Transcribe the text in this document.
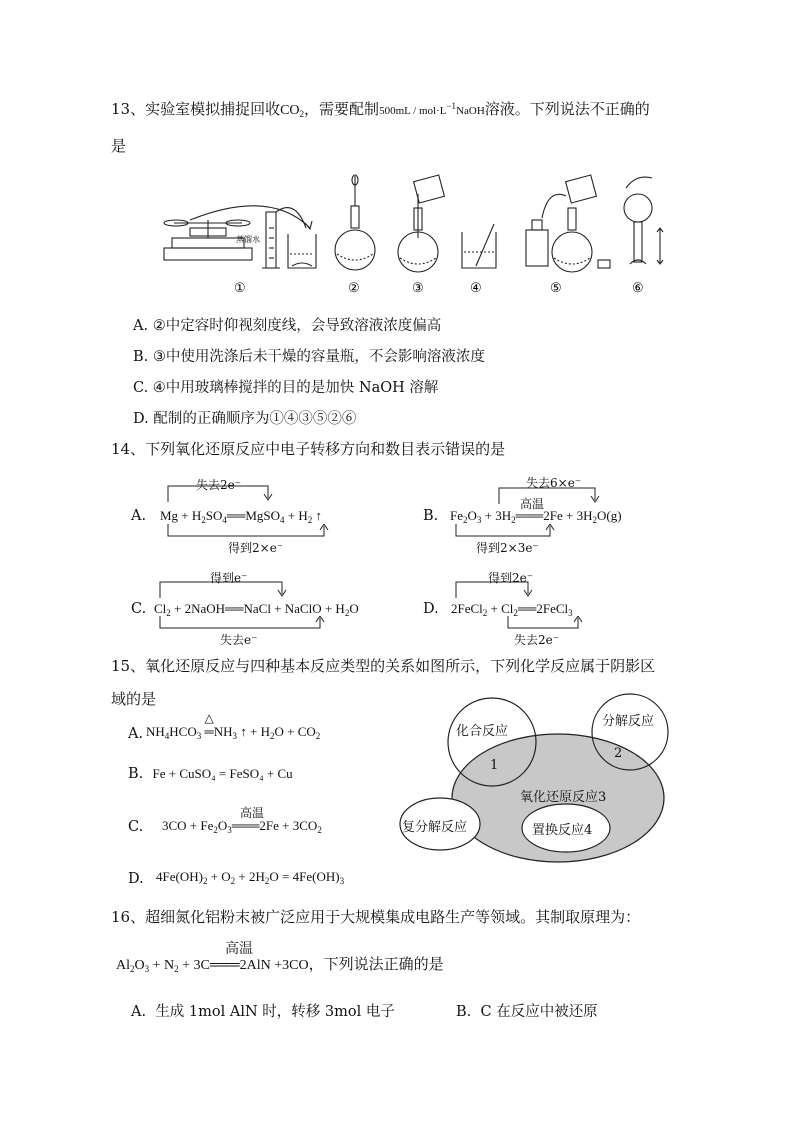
13、实验室模拟捕捉回收$CO_2$，需要配制$500mL / mol\cdot L^{-1}NaOH$溶液。下列说法不正确的
是
蒸馏水
①	②	③	④	⑤	⑥
A. ②中定容时仰视刻度线，会导致溶液浓度偏高
B. ③中使用洗涤后未干燥的容量瓶，不会影响溶液浓度
C. ④中用玻璃棒搅拌的目的是加快 NaOH 溶解
D. 配制的正确顺序为①④③⑤②⑥
14、下列氧化还原反应中电子转移方向和数目表示错误的是
A.
失去2e⁻
$Mg + H_2SO_4══MgSO_4 + H_2$ ↑
得到2×e⁻
B.
失去6×e⁻
高温
$Fe_2O_3$ + $3H_2═══2Fe + 3H_2O(g)$
得到2×3e⁻
C.
得到e⁻
$Cl_2$ + 2NaOH══NaCl + NaClO + $H_2O$
失去e⁻
D.
得到2e⁻
2FeCl$_2$ + $Cl_2══2FeCl_3$
失去2e⁻
15、氧化还原反应与四种基本反应类型的关系如图所示，下列化学反应属于阴影区
域的是
A. $NH_4HCO_3$ ═
△
$NH_3$ ↑ + $H_2O + CO_2$
B. Fe + CuSO₄ = FeSO₄ + Cu
C.
高温
$3CO + Fe_2O_3═══2Fe + 3CO_2$
D. $4Fe(OH)_2 + O_2 + 2H_2O = 4Fe(OH)_3$
化合反应
分解反应
氧化还原反应3
复分解反应	置换反应4
1
2
16、超细氮化铝粉末被广泛应用于大规模集成电路生产等领域。其制取原理为：
高温
$Al_2O_3 + N_2$ + 3C═══2AlN +3CO，下列说法正确的是
A. 生成 1mol AlN 时，转移 3mol 电子	B. C 在反应中被还原
